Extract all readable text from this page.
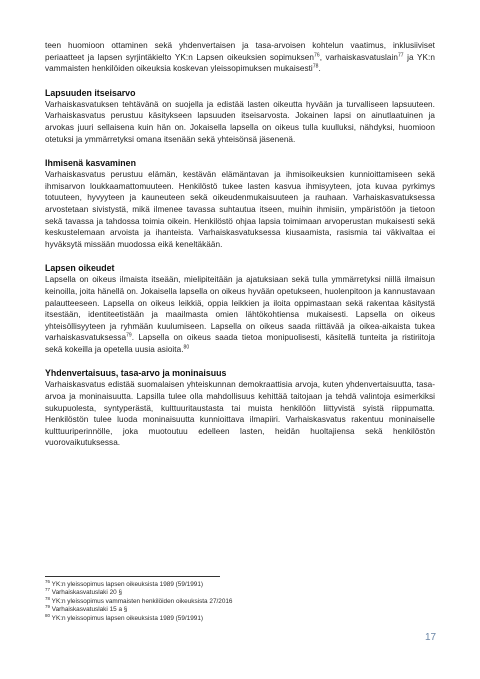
teen huomioon ottaminen sekä yhdenvertaisen ja tasa-arvoisen kohtelun vaatimus, inklusiiviset periaatteet ja lapsen syrjintäkielto YK:n Lapsen oikeuksien sopimuksen$^{76}$, varhaiskasvatuslain$^{77}$ ja YK:n vammaisten henkilöiden oikeuksia koskevan yleissopimuksen mukaisesti$^{78}$.

Lapsuuden itseisarvo

Varhaiskasvatuksen tehtävänä on suojella ja edistää lasten oikeutta hyvään ja turvalliseen lapsuuteen. Varhaiskasvatus perustuu käsitykseen lapsuuden itseisarvosta. Jokainen lapsi on ainutlaatuinen ja arvokas juuri sellaisena kuin hän on. Jokaisella lapsella on oikeus tulla kuulluksi, nähdyksi, huomioon otetuksi ja ymmärretyksi omana itsenään sekä yhteisönsä jäsenenä.

Ihmisenä kasvaminen

Varhaiskasvatus perustuu elämän, kestävän elämäntavan ja ihmisoikeuksien kunnioittamiseen sekä ihmisarvon loukkaamattomuuteen. Henkilöstö tukee lasten kasvua ihmisyyteen, jota kuvaa pyrkimys totuuteen, hyvyyteen ja kauneuteen sekä oikeudenmukaisuuteen ja rauhaan. Varhaiskasvatuksessa arvostetaan sivistystä, mikä ilmenee tavassa suhtautua itseen, muihin ihmisiin, ympäristöön ja tietoon sekä tavassa ja tahdossa toimia oikein. Henkilöstö ohjaa lapsia toimimaan arvoperustan mukaisesti sekä keskustelemaan arvoista ja ihanteista. Varhaiskasvatuksessa kiusaamista, rasismia tai väkivaltaa ei hyväksytä missään muodossa eikä keneltäkään.

Lapsen oikeudet

Lapsella on oikeus ilmaista itseään, mielipiteitään ja ajatuksiaan sekä tulla ymmärretyksi niillä ilmaisun keinoilla, joita hänellä on. Jokaisella lapsella on oikeus hyvään opetukseen, huolenpitoon ja kannustavaan palautteeseen. Lapsella on oikeus leikkiä, oppia leikkien ja iloita oppimastaan sekä rakentaa käsitystä itsestään, identiteetistään ja maailmasta omien lähtökohtiensa mukaisesti. Lapsella on oikeus yhteisöllisyyteen ja ryhmään kuulumiseen. Lapsella on oikeus saada riittävää ja oikea-aikaista tukea varhaiskasvatuksessa$^{79}$. Lapsella on oikeus saada tietoa monipuolisesti, käsitellä tunteita ja ristiriitoja sekä kokeilla ja opetella uusia asioita.$^{80}$

Yhdenvertaisuus, tasa-arvo ja moninaisuus

Varhaiskasvatus edistää suomalaisen yhteiskunnan demokraattisia arvoja, kuten yhdenvertaisuutta, tasa-arvoa ja moninaisuutta. Lapsilla tulee olla mahdollisuus kehittää taitojaan ja tehdä valintoja esimerkiksi sukupuolesta, syntyperästä, kulttuuritaustasta tai muista henkilöön liittyvistä syistä riippumatta. Henkilöstön tulee luoda moninaisuutta kunnioittava ilmapiiri. Varhaiskasvatus rakentuu moninaiselle kulttuuriperinnölle, joka muotoutuu edelleen lasten, heidän huoltajiensa sekä henkilöstön vuorovaikutuksessa.

$^{76}$ YK:n yleissopimus lapsen oikeuksista 1989 (59/1991)
$^{77}$ Varhaiskasvatuslaki 20 §
$^{78}$ YK:n yleissopimus vammaisten henkilöiden oikeuksista 27/2016
$^{79}$ Varhaiskasvatuslaki 15 a §
$^{80}$ YK:n yleissopimus lapsen oikeuksista 1989 (59/1991)
17
